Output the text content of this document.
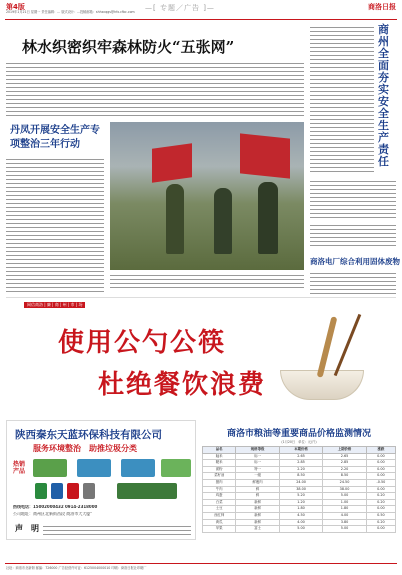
第4版
2019年1月21日 星期一 责任编辑：... 版式设计：... 投稿邮箱：shhxcqgs@hfx.cfbc.com	—[ 专题／广告 ]—	商洛日报
林水织密织牢森林防火“五张网”
商州全面夯实安全生产责任
丹凤开展安全生产专项整治三年行动
商洛电厂综合利用固体废物
网信商洛 | 廉 | 商 | 州 | 市 | 场
使用公勺公筷
杜绝餐饮浪费
陕西秦东天蓝环保科技有限公司
服务环境整治　助推垃圾分类
热销产品
热线电话：15002000432 0914-2318000
公司地址：商州区北新街西段 商洛市大大厦“
声　明
商洛市粮油等重要商品价格监测情况
(1月20日　单位：元/斤)
品名	规格等级	本期价格	上期价格	涨跌
籼米	标一	2.65	2.65	0.00
粳米	标一	2.85	2.85	0.00
面粉	特一	2.20	2.20	0.00
菜籽油	一级	8.50	8.50	0.00
猪肉	鲜瘦肉	24.00	24.50	-0.50
牛肉	鲜	38.00	38.00	0.00
鸡蛋	鲜	5.20	5.00	0.20
白菜	新鲜	1.20	1.00	0.20
土豆	新鲜	1.80	1.80	0.00
西红柿	新鲜	4.50	4.00	0.50
黄瓜	新鲜	4.00	3.80	0.20
苹果	富士	5.00	5.00	0.00
社址：商洛市北新街 邮编：726000 广告经营许可证：6125004000010 印刷：商洛日报社印刷厂
